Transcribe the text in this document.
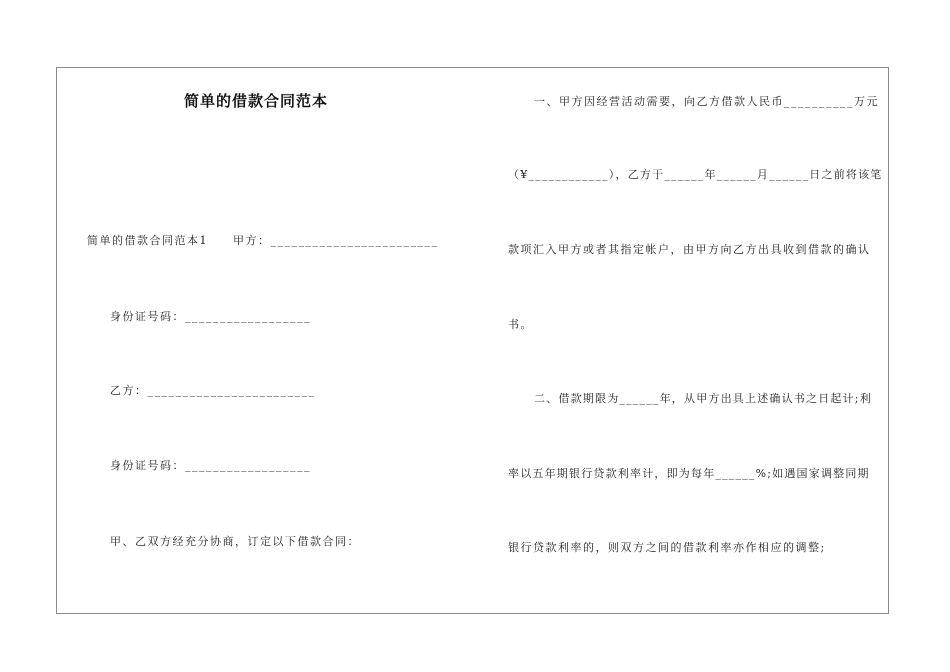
简单的借款合同范本
简单的借款合同范本1　　甲方：________________________
身份证号码：__________________
乙方：________________________
身份证号码：__________________
甲、乙双方经充分协商，订定以下借款合同：
一、甲方因经营活动需要，向乙方借款人民币__________万元
（¥____________），乙方于______年______月______日之前将该笔
款项汇入甲方或者其指定帐户，由甲方向乙方出具收到借款的确认
书。
二、借款期限为______年，从甲方出具上述确认书之日起计;利
率以五年期银行贷款利率计，即为每年______%;如遇国家调整同期
银行贷款利率的，则双方之间的借款利率亦作相应的调整;
